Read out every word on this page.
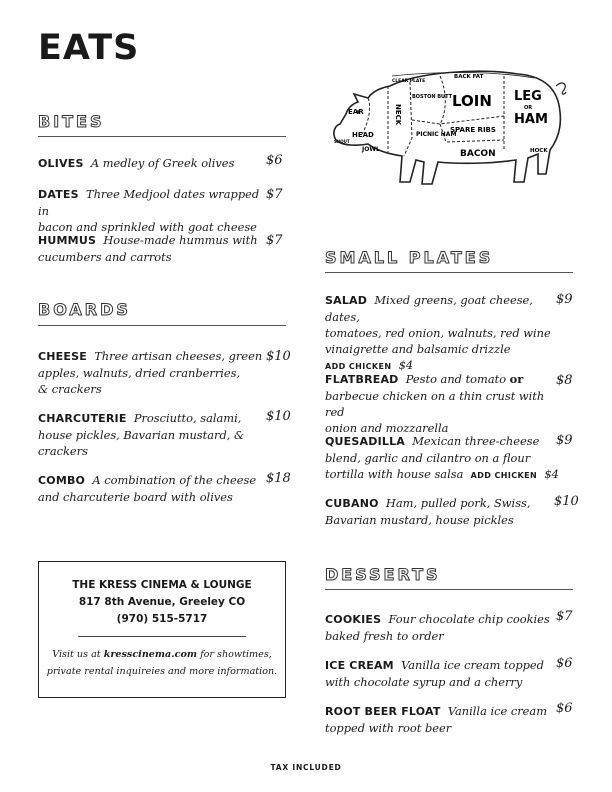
EATS
EAR
HEAD
JOWL
SNOUT
NECK
CLEAR PLATE
BOSTON BUTT
PICNIC HAM
BACK FAT
LOIN
SPARE RIBS
BACON
LEG
OR
HAM
HOCK
BITES
OLIVES A medley of Greek olives	$6
DATES Three Medjool dates wrapped in
bacon and sprinkled with goat cheese
$7
HUMMUS House-made hummus with
cucumbers and carrots
$7
BOARDS
CHEESE Three artisan cheeses, green
apples, walnuts, dried cranberries,
& crackers
$10
CHARCUTERIE Prosciutto, salami,
house pickles, Bavarian mustard, &
crackers
$10
COMBO A combination of the cheese
and charcuterie board with olives
$18
SMALL PLATES
SALAD Mixed greens, goat cheese, dates,
tomatoes, red onion, walnuts, red wine
vinaigrette and balsamic drizzle
ADD CHICKEN $4
$9
FLATBREAD Pesto and tomato or
barbecue chicken on a thin crust with red
onion and mozzarella
$8
QUESADILLA Mexican three-cheese
blend, garlic and cilantro on a flour
tortilla with house salsa ADD CHICKEN $4
$9
CUBANO Ham, pulled pork, Swiss,
Bavarian mustard, house pickles
$10
DESSERTS
COOKIES Four chocolate chip cookies
baked fresh to order
$7
ICE CREAM Vanilla ice cream topped
with chocolate syrup and a cherry
$6
ROOT BEER FLOAT Vanilla ice cream
topped with root beer
$6
THE KRESS CINEMA & LOUNGE
817 8th Avenue, Greeley CO
(970) 515-5717
Visit us at kresscinema.com for showtimes,
private rental inquireies and more information.
TAX INCLUDED
